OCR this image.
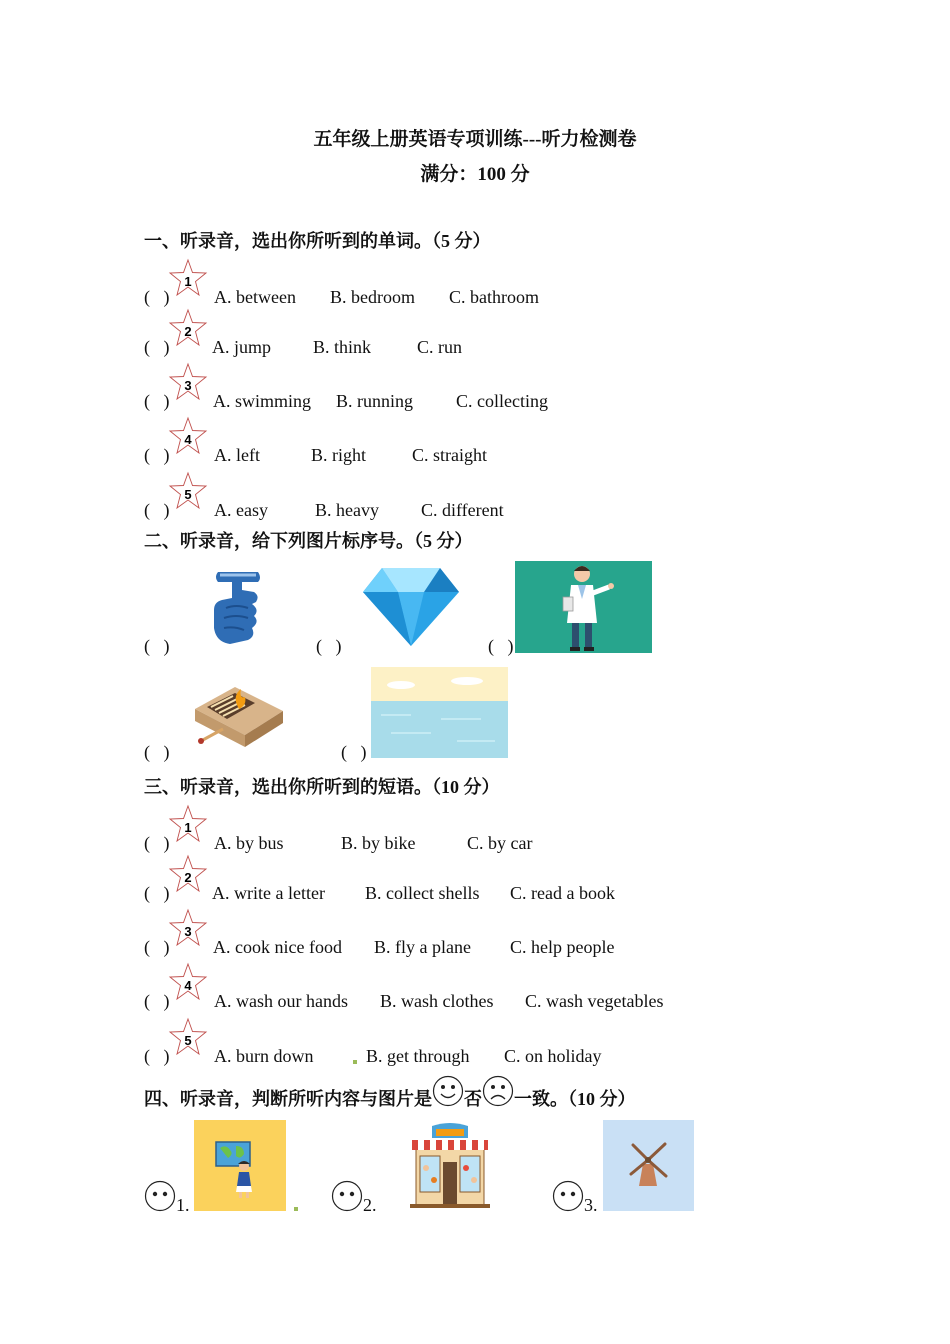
五年级上册英语专项训练---听力检测卷
满分：100 分
一、听录音，选出你所听到的单词。（5 分）
(   )
1
A. between B. bedroom C. bathroom
(   )
2
A. jump B. think	C. run
(   )
3
A. swimming B. running C. collecting
(   )
4
A. left	B. right	C. straight
(   )
5
A. easy	B. heavy C. different
二、听录音，给下列图片标序号。（5 分）
(   )	(   )	(   )
(   )	(   )
三、听录音，选出你所听到的短语。（10 分）
(   )
1
A. by bus	B. by bike	C. by car
(   )
2
A. write a letter B. collect shells C. read a book
(   )
3
A. cook nice food B. fly a plane C. help people
(   )
4
A. wash our hands B. wash clothes C. wash vegetables
(   )
5
A. burn down	B. get through C. on holiday
四、听录音，判断所听内容与图片是 否 一致。（10 分）
1.	2.	3.
